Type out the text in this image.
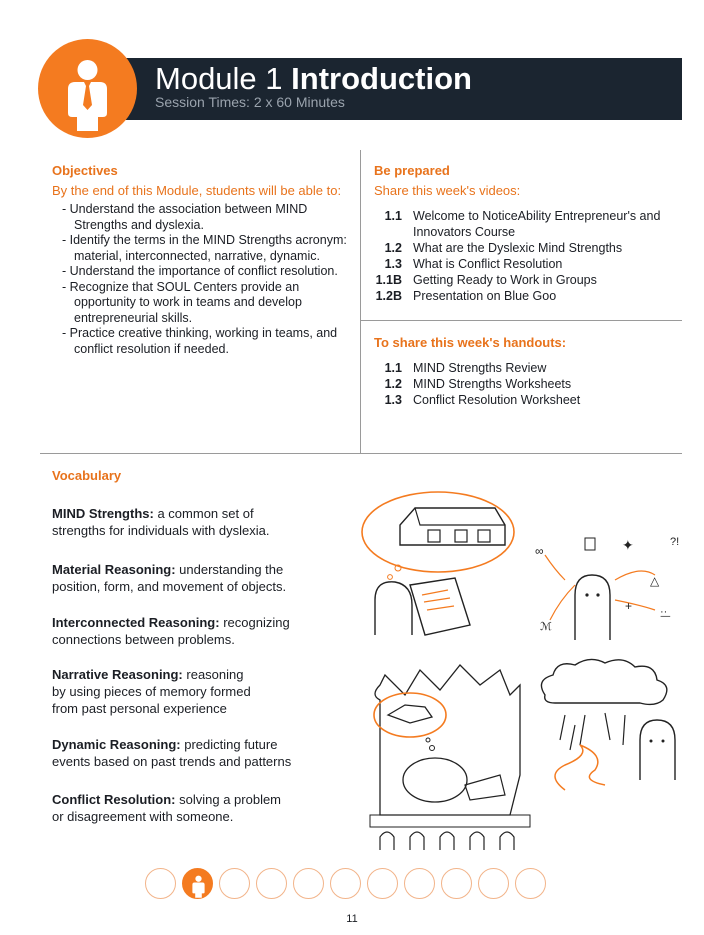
Module 1 Introduction
Session Times: 2 x 60 Minutes
Objectives
By the end of this Module, students will be able to:

- Understand the association between MIND Strengths and dyslexia.

- Identify the terms in the MIND Strengths acronym: material, interconnected, narrative, dynamic.

- Understand the importance of conflict resolution.

- Recognize that SOUL Centers provide an opportunity to work in teams and develop entrepreneurial skills.

- Practice creative thinking, working in teams, and conflict resolution if needed.

Be prepared
Share this week's videos:
1.1 Welcome to NoticeAbility Entrepreneur's and Innovators Course
1.2 What are the Dyslexic Mind Strengths
1.3 What is Conflict Resolution
1.1B Getting Ready to Work in Groups
1.2B Presentation on Blue Goo
To share this week's handouts:
1.1 MIND Strengths Review
1.2 MIND Strengths Worksheets
1.3 Conflict Resolution Worksheet
Vocabulary
MIND Strengths: a common set of
strengths for individuals with dyslexia.
Material Reasoning: understanding the
position, form, and movement of objects.
Interconnected Reasoning: recognizing
connections between problems.
Narrative Reasoning: reasoning
by using pieces of memory formed
from past personal experience
Dynamic Reasoning: predicting future
events based on past trends and patterns
Conflict Resolution: solving a problem
or disagreement with someone.
∞	✦	?!
△
+	·͟·
ℳ
11
